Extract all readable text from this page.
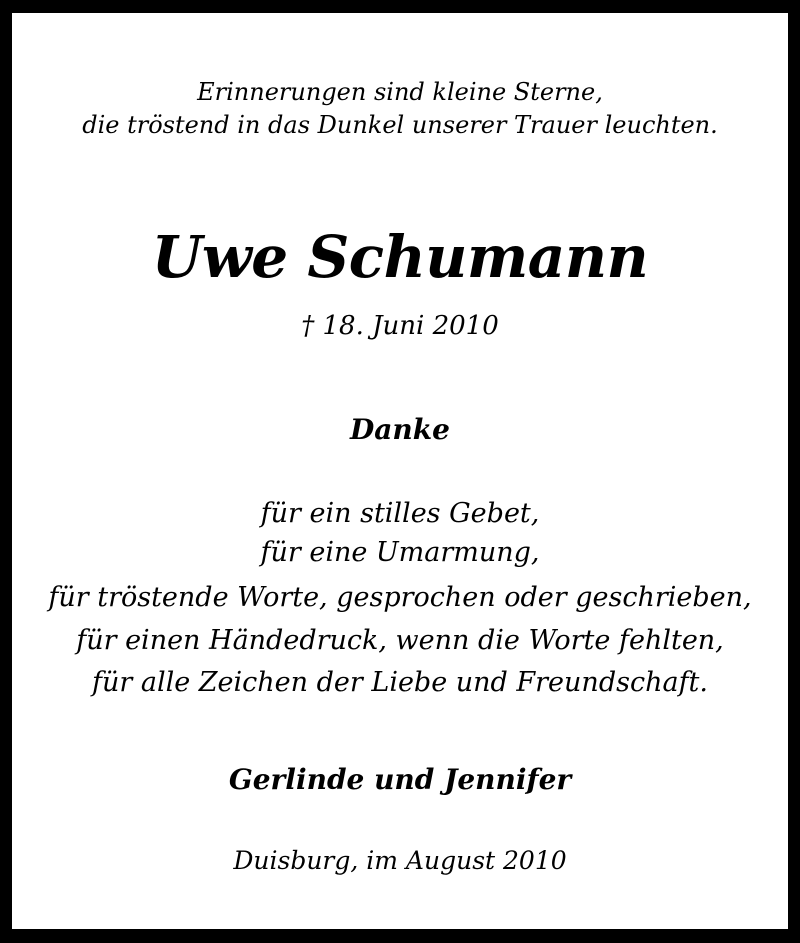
Erinnerungen sind kleine Sterne,
die tröstend in das Dunkel unserer Trauer leuchten.
Uwe Schumann
† 18. Juni 2010
Danke
für ein stilles Gebet,
für eine Umarmung,
für tröstende Worte, gesprochen oder geschrieben,
für einen Händedruck, wenn die Worte fehlten,
für alle Zeichen der Liebe und Freundschaft.
Gerlinde und Jennifer
Duisburg, im August 2010
